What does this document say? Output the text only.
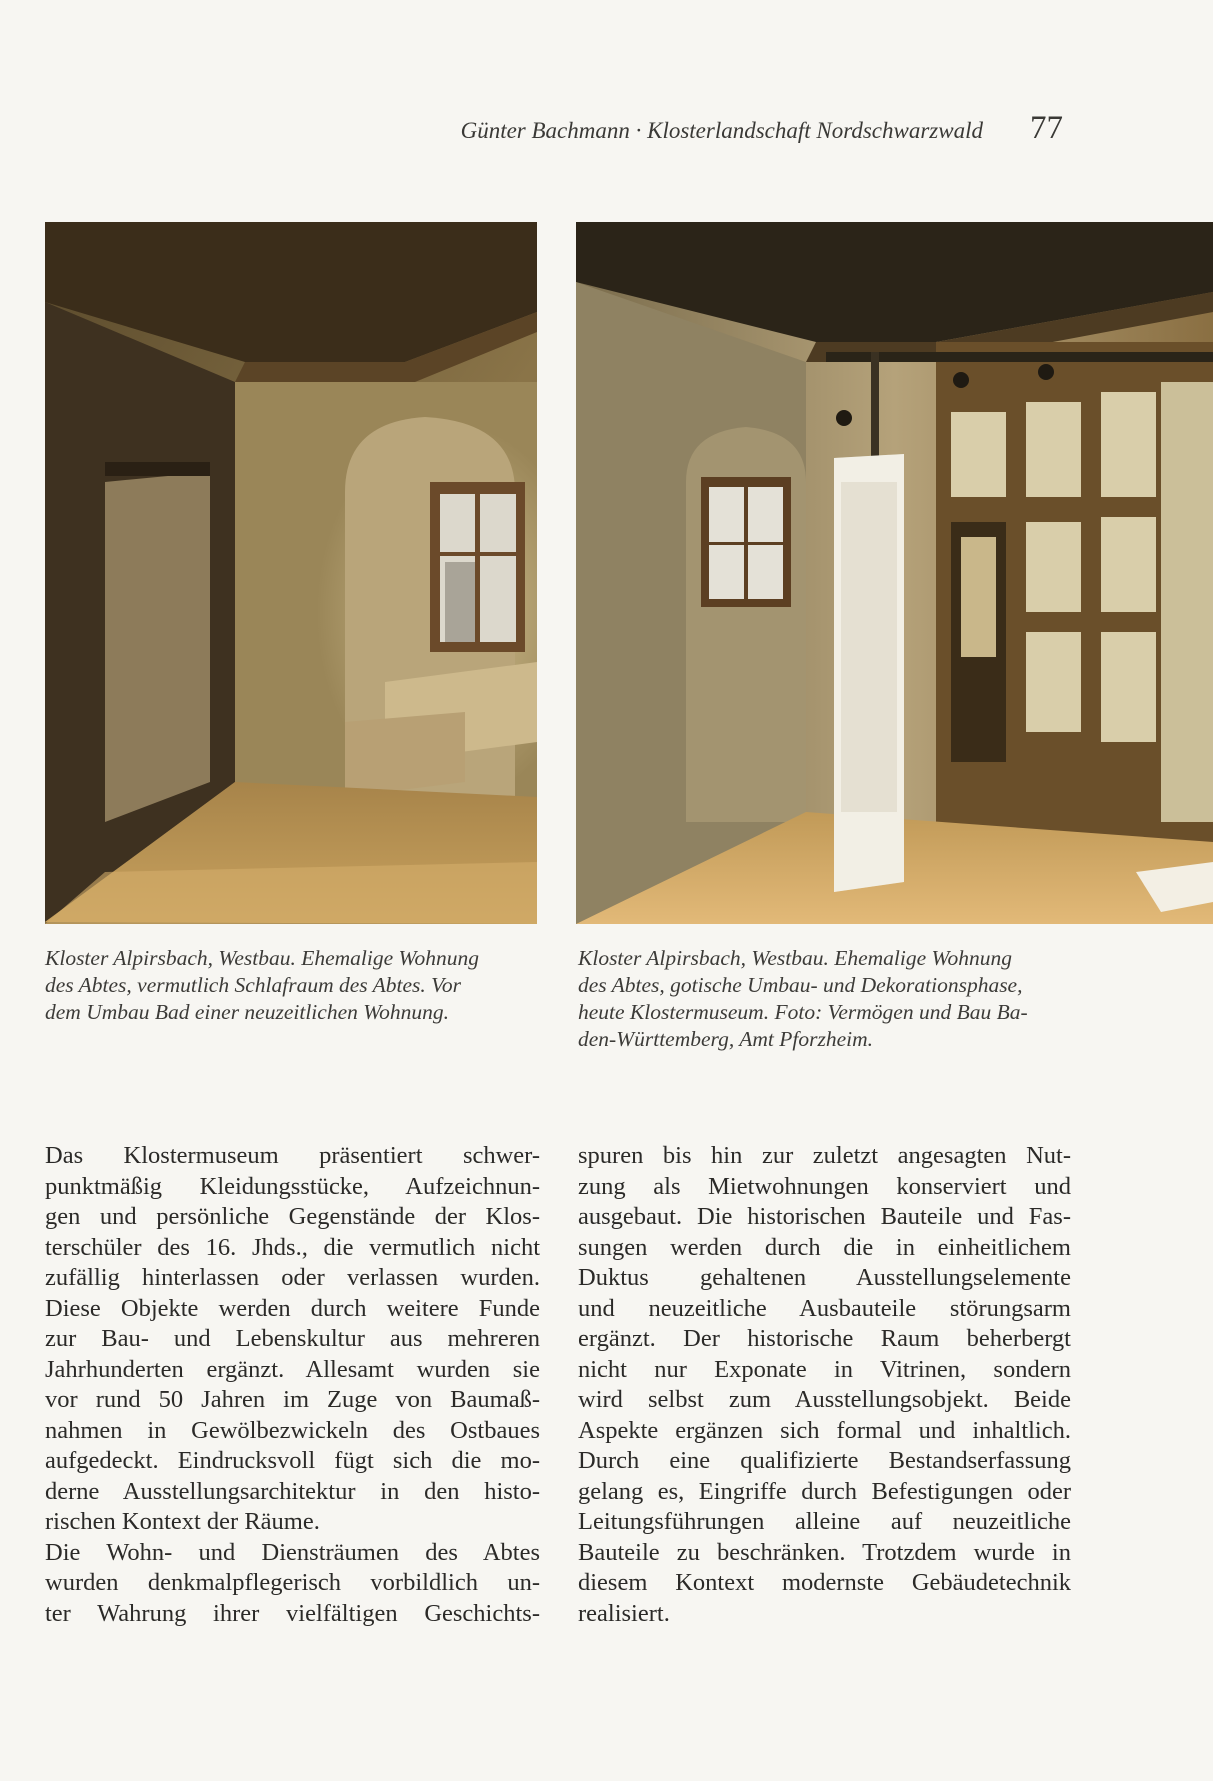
Günter Bachmann · Klosterlandschaft Nordschwarzwald 77
Kloster Alpirsbach, Westbau. Ehemalige Wohnung
des Abtes, vermutlich Schlafraum des Abtes. Vor
dem Umbau Bad einer neuzeitlichen Wohnung.
Kloster Alpirsbach, Westbau. Ehemalige Wohnung
des Abtes, gotische Umbau- und Dekorationsphase,
heute Klostermuseum. Foto: Vermögen und Bau Ba-
den-Württemberg, Amt Pforzheim.
Das Klostermuseum präsentiert schwer-
punktmäßig Kleidungsstücke, Aufzeichnun-
gen und persönliche Gegenstände der Klos-
terschüler des 16. Jhds., die vermutlich nicht
zufällig hinterlassen oder verlassen wurden.
Diese Objekte werden durch weitere Funde
zur Bau- und Lebenskultur aus mehreren
Jahrhunderten ergänzt. Allesamt wurden sie
vor rund 50 Jahren im Zuge von Baumaß-
nahmen in Gewölbezwickeln des Ostbaues
aufgedeckt. Eindrucksvoll fügt sich die mo-
derne Ausstellungsarchitektur in den histo-
rischen Kontext der Räume.
Die Wohn- und Diensträumen des Abtes
wurden denkmalpflegerisch vorbildlich un-
ter Wahrung ihrer vielfältigen Geschichts-
spuren bis hin zur zuletzt angesagten Nut-
zung als Mietwohnungen konserviert und
ausgebaut. Die historischen Bauteile und Fas-
sungen werden durch die in einheitlichem
Duktus gehaltenen Ausstellungselemente
und neuzeitliche Ausbauteile störungsarm
ergänzt. Der historische Raum beherbergt
nicht nur Exponate in Vitrinen, sondern
wird selbst zum Ausstellungsobjekt. Beide
Aspekte ergänzen sich formal und inhaltlich.
Durch eine qualifizierte Bestandserfassung
gelang es, Eingriffe durch Befestigungen oder
Leitungsführungen alleine auf neuzeitliche
Bauteile zu beschränken. Trotzdem wurde in
diesem Kontext modernste Gebäudetechnik
realisiert.
